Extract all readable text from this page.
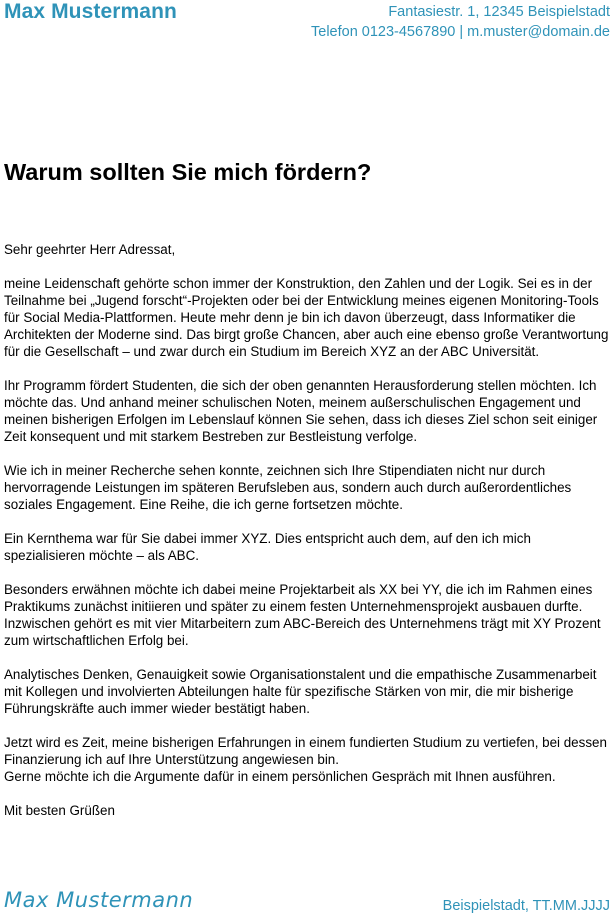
Max Mustermann	Fantasiestr. 1, 12345 Beispielstadt
Telefon 0123-4567890 | m.muster@domain.de
Warum sollten Sie mich fördern?

Sehr geehrter Herr Adressat,

meine Leidenschaft gehörte schon immer der Konstruktion, den Zahlen und der Logik. Sei es in der Teilnahme bei „Jugend forscht“-Projekten oder bei der Entwicklung meines eigenen Monitoring-Tools für Social Media-Plattformen. Heute mehr denn je bin ich davon überzeugt, dass Informatiker die Architekten der Moderne sind. Das birgt große Chancen, aber auch eine ebenso große Verantwortung für die Gesellschaft – und zwar durch ein Studium im Bereich XYZ an der ABC Universität.

Ihr Programm fördert Studenten, die sich der oben genannten Herausforderung stellen möchten. Ich möchte das. Und anhand meiner schulischen Noten, meinem außerschulischen Engagement und meinen bisherigen Erfolgen im Lebenslauf können Sie sehen, dass ich dieses Ziel schon seit einiger Zeit konsequent und mit starkem Bestreben zur Bestleistung verfolge.

Wie ich in meiner Recherche sehen konnte, zeichnen sich Ihre Stipendiaten nicht nur durch hervorragende Leistungen im späteren Berufsleben aus, sondern auch durch außerordentliches soziales Engagement. Eine Reihe, die ich gerne fortsetzen möchte.

Ein Kernthema war für Sie dabei immer XYZ. Dies entspricht auch dem, auf den ich mich spezialisieren möchte – als ABC.

Besonders erwähnen möchte ich dabei meine Projektarbeit als XX bei YY, die ich im Rahmen eines Praktikums zunächst initiieren und später zu einem festen Unternehmensprojekt ausbauen durfte. Inzwischen gehört es mit vier Mitarbeitern zum ABC-Bereich des Unternehmens trägt mit XY Prozent zum wirtschaftlichen Erfolg bei.

Analytisches Denken, Genauigkeit sowie Organisationstalent und die empathische Zusammenarbeit mit Kollegen und involvierten Abteilungen halte für spezifische Stärken von mir, die mir bisherige Führungskräfte auch immer wieder bestätigt haben.

Jetzt wird es Zeit, meine bisherigen Erfahrungen in einem fundierten Studium zu vertiefen, bei dessen Finanzierung ich auf Ihre Unterstützung angewiesen bin.
Gerne möchte ich die Argumente dafür in einem persönlichen Gespräch mit Ihnen ausführen.

Mit besten Grüßen

Max Mustermann	Beispielstadt, TT.MM.JJJJ
